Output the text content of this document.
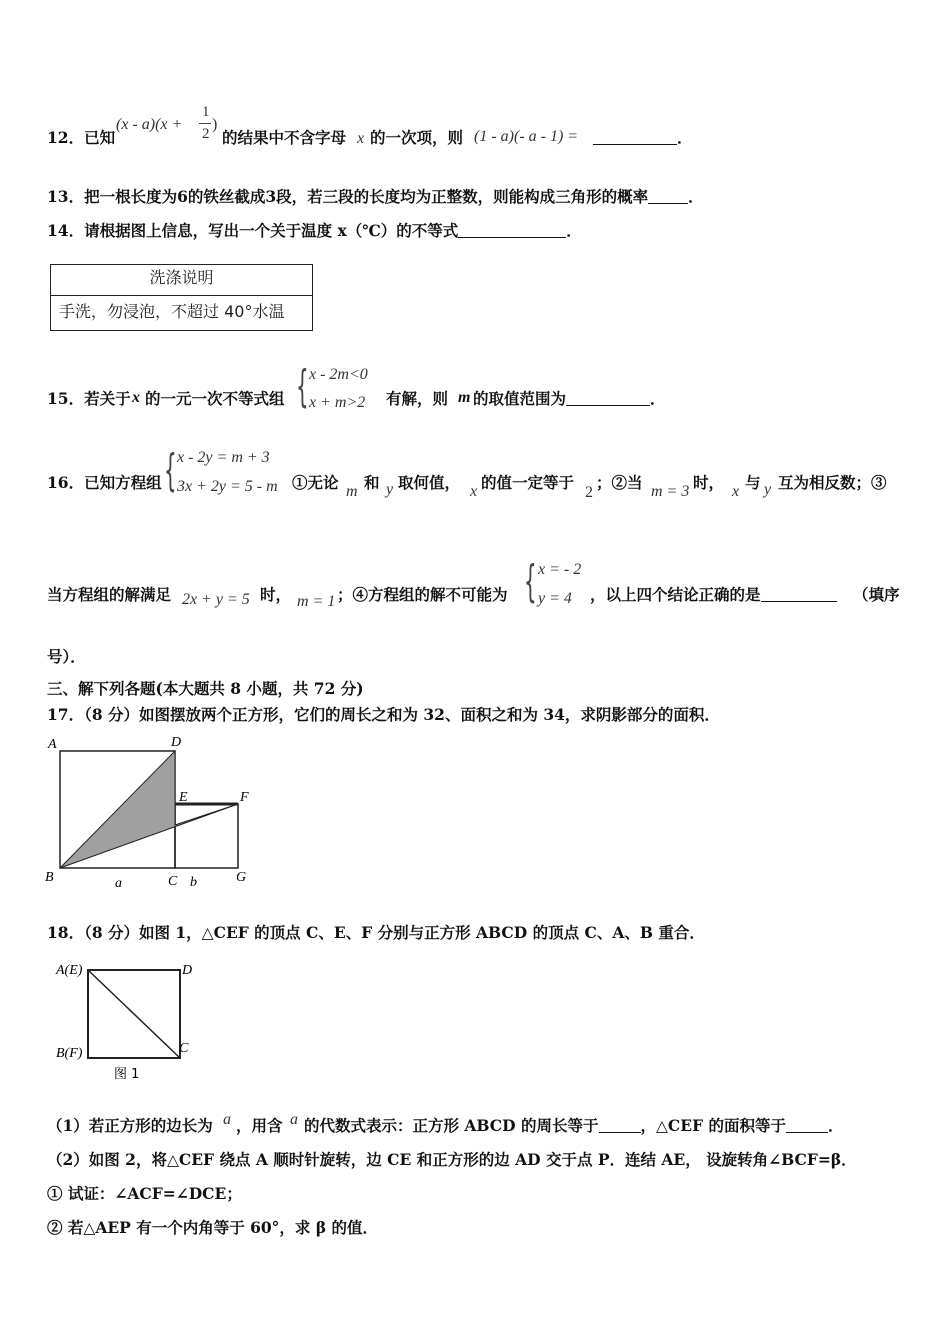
12．已知
(x - a)(x +
1
2
)
的结果中不含字母 x 的一次项，则 (1 - a)(- a - 1) =	．
13．把一根长度为6的铁丝截成3段，若三段的长度均为正整数，则能构成三角形的概率	．
14．请根据图上信息，写出一个关于温度 x（℃）的不等式	．
洗涤说明
手洗，勿浸泡，不超过 40°水温
15．若关于 x 的一元一次不等式组 { x - 2m<0
x + m>2 有解，则 m 的取值范围为	．
16．已知方程组 { x - 2y = m + 3
3x + 2y = 5 - m ①无论 m 和 y 取何值， x 的值一定等于
2
；②当 m = 3 时， x 与 y 互为相反数；③
当方程组的解满足 2x + y = 5 时， m = 1 ；④方程组的解不可能为 { x = - 2
y = 4 ，以上四个结论正确的是	（填序
号）．
三、解下列各题(本大题共 8 小题，共 72 分)
17．（8 分）如图摆放两个正方形，它们的周长之和为 32、面积之和为 34，求阴影部分的面积．
A	D
E	F
B	C	G
a	b
18．（8 分）如图 1，△CEF 的顶点 C、E、F 分别与正方形 ABCD 的顶点 C、A、B 重合．
A(E)	D
B(F)	C
图 1
（1）若正方形的边长为 a ，用含 a 的代数式表示：正方形 ABCD 的周长等于	，△CEF 的面积等于	．
（2）如图 2，将△CEF 绕点 A 顺时针旋转，边 CE 和正方形的边 AD 交于点 P．连结 AE， 设旋转角∠BCF=β．
① 试证：∠ACF=∠DCE；
② 若△AEP 有一个内角等于 60°，求 β 的值．
